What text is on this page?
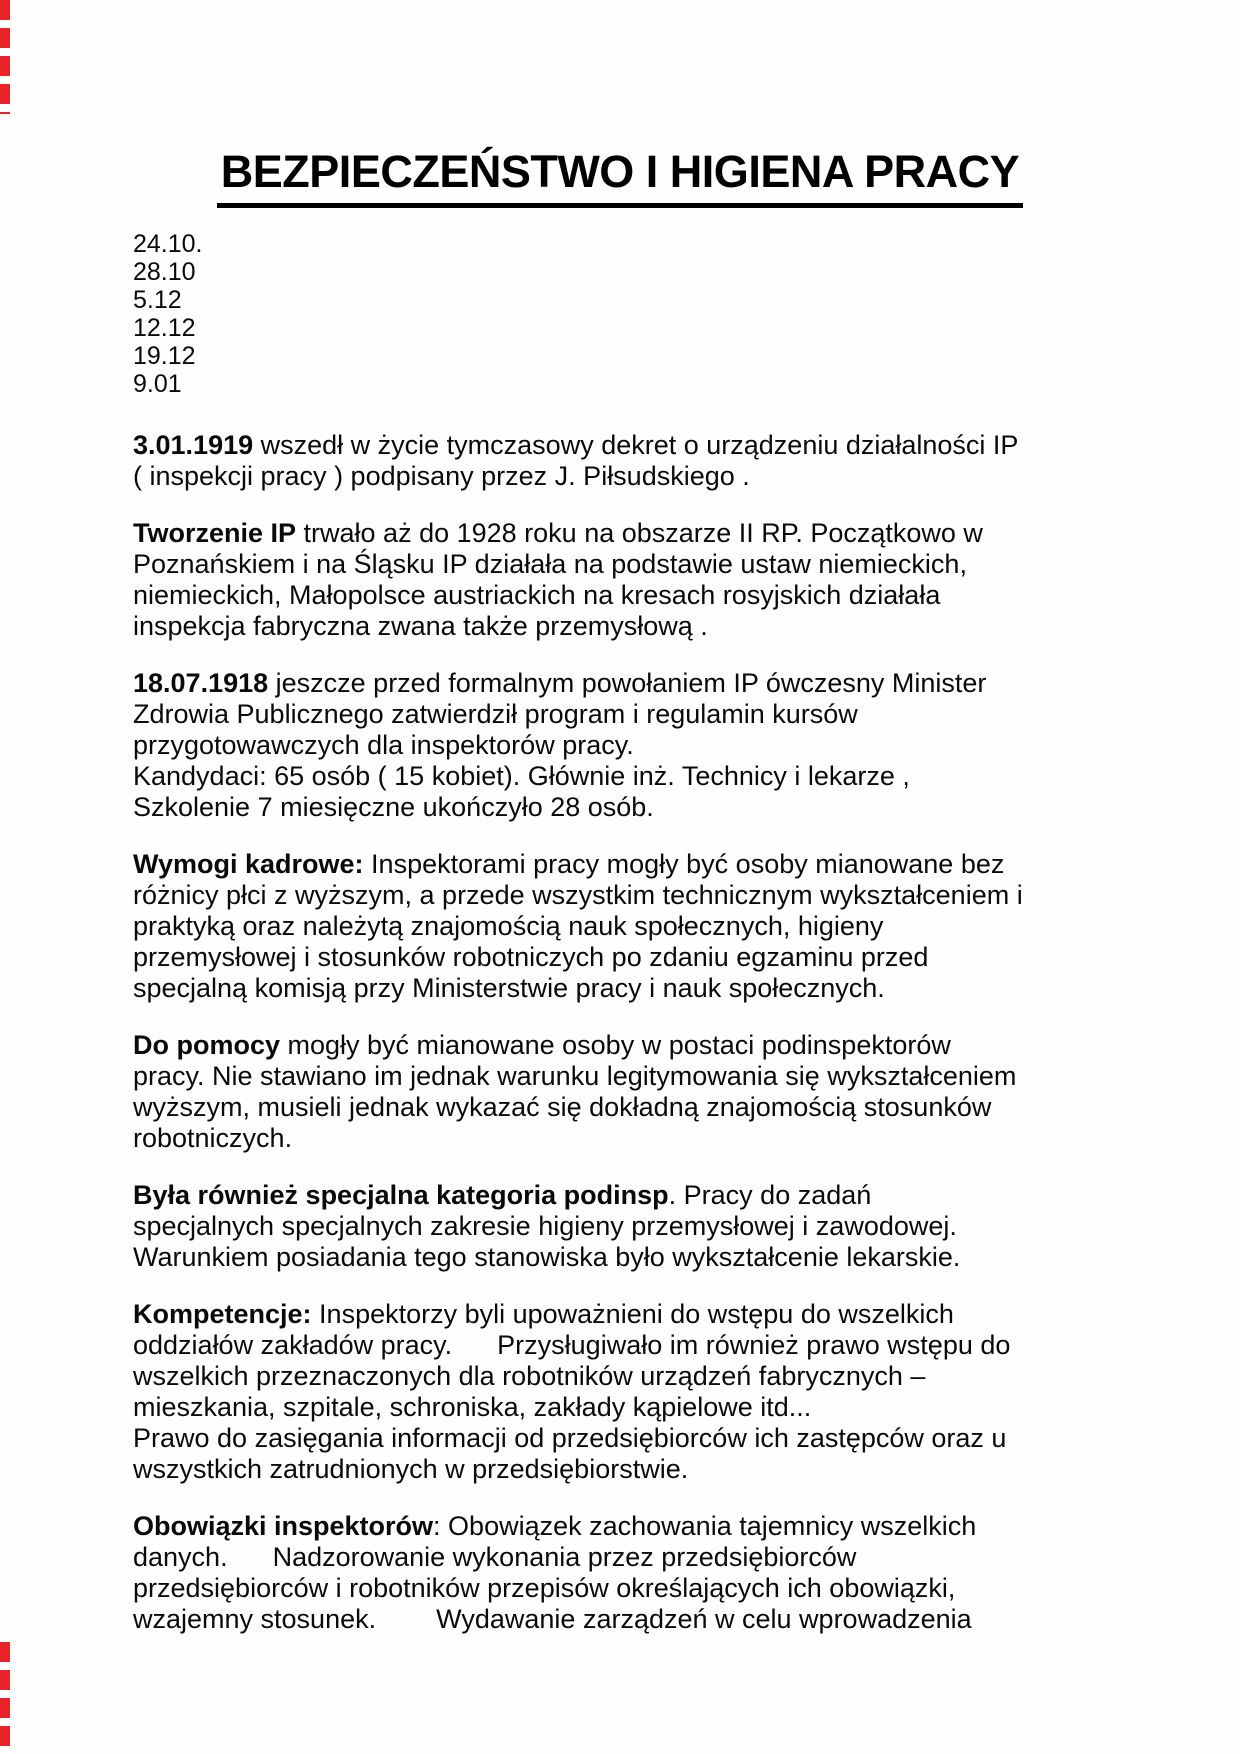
BEZPIECZEŃSTWO I HIGIENA PRACY
24.10.
28.10
5.12
12.12
19.12
9.01
3.01.1919 wszedł w życie tymczasowy dekret o urządzeniu działalności IP
( inspekcji pracy ) podpisany przez J. Piłsudskiego .
Tworzenie IP trwało aż do 1928 roku na obszarze II RP. Początkowo w
Poznańskiem i na Śląsku IP działała na podstawie ustaw niemieckich,
niemieckich, Małopolsce austriackich na kresach rosyjskich działała
inspekcja fabryczna zwana także przemysłową .
18.07.1918 jeszcze przed formalnym powołaniem IP ówczesny Minister
Zdrowia Publicznego zatwierdził program i regulamin kursów
przygotowawczych dla inspektorów pracy.
Kandydaci: 65 osób ( 15 kobiet). Głównie inż. Technicy i lekarze ,
Szkolenie 7 miesięczne ukończyło 28 osób.
Wymogi kadrowe: Inspektorami pracy mogły być osoby mianowane bez
różnicy płci z wyższym, a przede wszystkim technicznym wykształceniem i
praktyką oraz należytą znajomością nauk społecznych, higieny
przemysłowej i stosunków robotniczych po zdaniu egzaminu przed
specjalną komisją przy Ministerstwie pracy i nauk społecznych.
Do pomocy mogły być mianowane osoby w postaci podinspektorów
pracy. Nie stawiano im jednak warunku legitymowania się wykształceniem
wyższym, musieli jednak wykazać się dokładną znajomością stosunków
robotniczych.
Była również specjalna kategoria podinsp. Pracy do zadań
specjalnych specjalnych zakresie higieny przemysłowej i zawodowej.
Warunkiem posiadania tego stanowiska było wykształcenie lekarskie.
Kompetencje: Inspektorzy byli upoważnieni do wstępu do wszelkich
oddziałów zakładów pracy.      Przysługiwało im również prawo wstępu do
wszelkich przeznaczonych dla robotników urządzeń fabrycznych –
mieszkania, szpitale, schroniska, zakłady kąpielowe itd...
Prawo do zasięgania informacji od przedsiębiorców ich zastępców oraz u
wszystkich zatrudnionych w przedsiębiorstwie.
Obowiązki inspektorów: Obowiązek zachowania tajemnicy wszelkich
danych.      Nadzorowanie wykonania przez przedsiębiorców
przedsiębiorców i robotników przepisów określających ich obowiązki,
wzajemny stosunek.        Wydawanie zarządzeń w celu wprowadzenia
